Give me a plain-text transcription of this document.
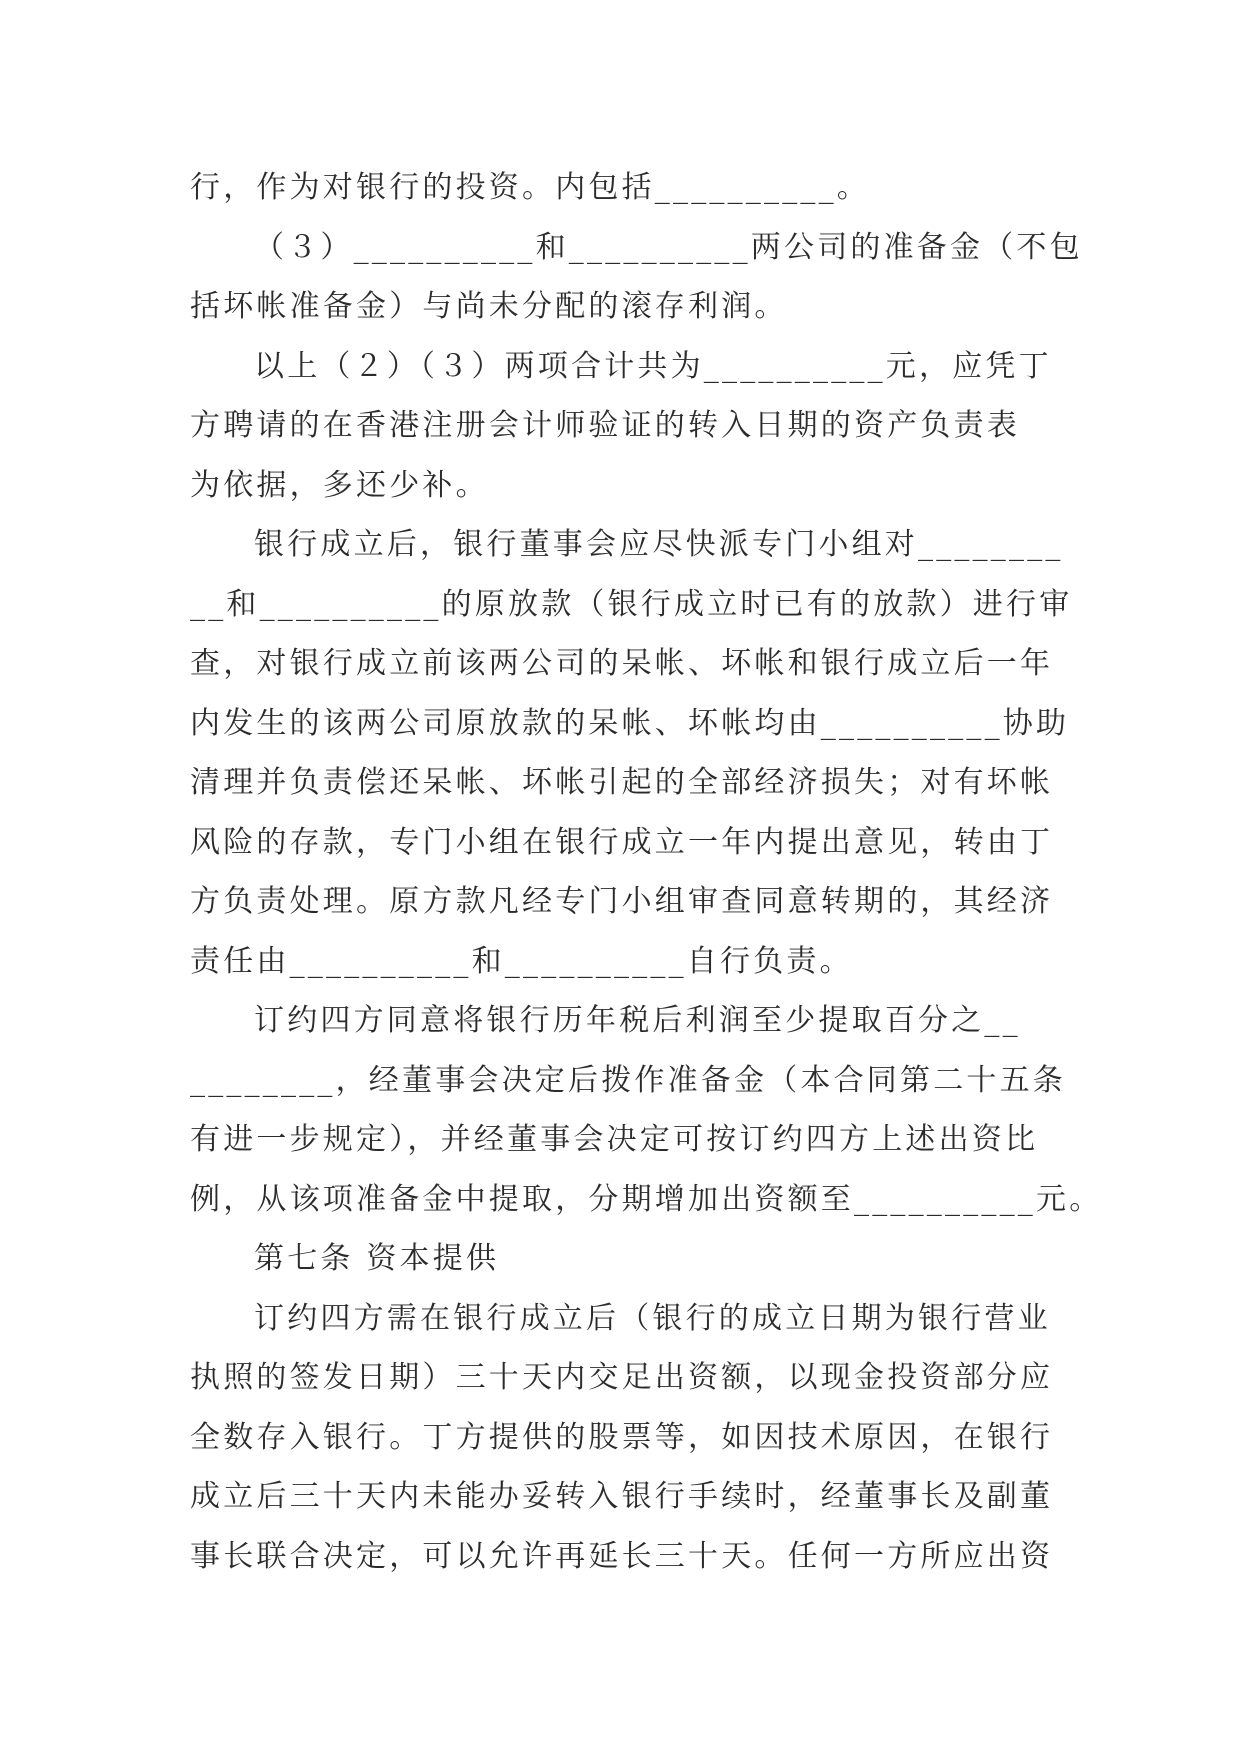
行，作为对银行的投资。内包括__________。
（３）__________和__________两公司的准备金（不包
括坏帐准备金）与尚未分配的滚存利润。
以上（２）（３）两项合计共为__________元，应凭丁
方聘请的在香港注册会计师验证的转入日期的资产负责表
为依据，多还少补。
银行成立后，银行董事会应尽快派专门小组对________
__和__________的原放款（银行成立时已有的放款）进行审
查，对银行成立前该两公司的呆帐、坏帐和银行成立后一年
内发生的该两公司原放款的呆帐、坏帐均由__________协助
清理并负责偿还呆帐、坏帐引起的全部经济损失；对有坏帐
风险的存款，专门小组在银行成立一年内提出意见，转由丁
方负责处理。原方款凡经专门小组审查同意转期的，其经济
责任由__________和__________自行负责。
订约四方同意将银行历年税后利润至少提取百分之__
________，经董事会决定后拨作准备金（本合同第二十五条
有进一步规定），并经董事会决定可按订约四方上述出资比
例，从该项准备金中提取，分期增加出资额至__________元。
第七条 资本提供
订约四方需在银行成立后（银行的成立日期为银行营业
执照的签发日期）三十天内交足出资额，以现金投资部分应
全数存入银行。丁方提供的股票等，如因技术原因，在银行
成立后三十天内未能办妥转入银行手续时，经董事长及副董
事长联合决定，可以允许再延长三十天。任何一方所应出资
